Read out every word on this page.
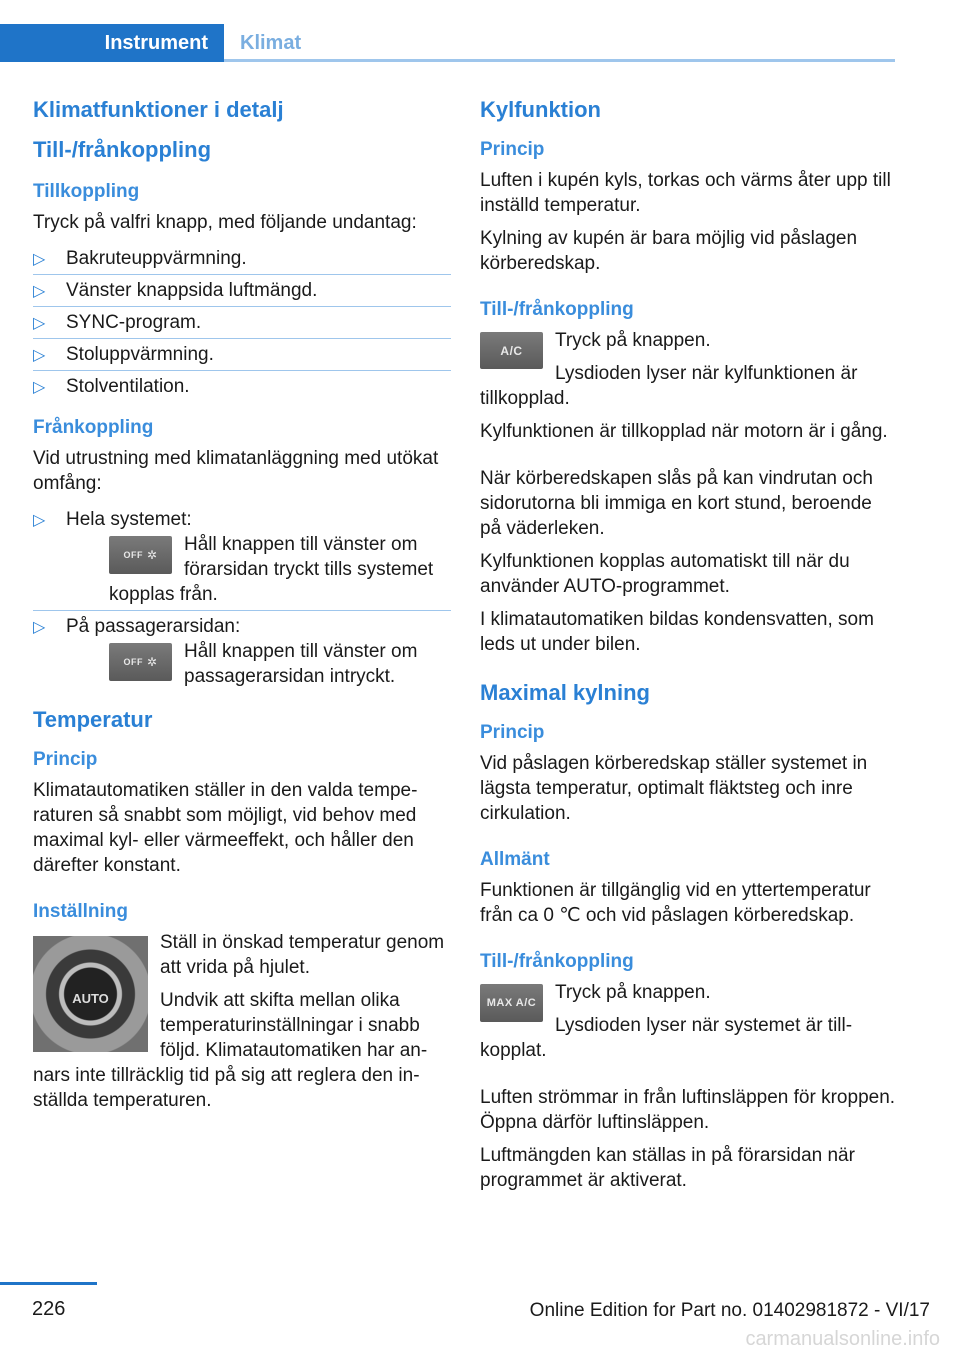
Instrument	Klimat
Klimatfunktioner i detalj
Till-/frånkoppling
Tillkoppling

Tryck på valfri knapp, med följande undantag:

▷ Bakruteuppvärmning.
▷ Vänster knappsida luftmängd.
▷ SYNC-program.
▷ Stoluppvärmning.
▷ Stolventilation.
Frånkoppling

Vid utrustning med klimatanläggning med utökat omfång:

▷ Hela systemet:
OFF ✲	Håll knappen till vänster om förarsidan tryckt tills systemet kopplas från.
▷ På passagerarsidan:
OFF ✲	Håll knappen till vänster om passagerarsidan intryckt.
Temperatur
Princip

Klimatautomatiken ställer in den valda temperaturen så snabbt som möjligt, vid behov med maximal kyl- eller värmeeffekt, och håller den därefter konstant.

Inställning
AUTO

Ställ in önskad temperatur genom att vrida på hjulet.

Undvik att skifta mellan olika temperaturinställningar i snabb följd. Klimatautomatiken har annars inte tillräcklig tid på sig att reglera den inställda temperaturen.

Kylfunktion
Princip

Luften i kupén kyls, torkas och värms åter upp till inställd temperatur.

Kylning av kupén är bara möjlig vid påslagen körberedskap.

Till-/frånkoppling
A/C	Tryck på knappen.

Lysdioden lyser när kylfunktionen är tillkopplad.

Kylfunktionen är tillkopplad när motorn är i gång.

När körberedskapen slås på kan vindrutan och sidorutorna bli immiga en kort stund, beroende på väderleken.

Kylfunktionen kopplas automatiskt till när du använder AUTO-programmet.

I klimatautomatiken bildas kondensvatten, som leds ut under bilen.

Maximal kylning
Princip

Vid påslagen körberedskap ställer systemet in lägsta temperatur, optimalt fläktsteg och inre cirkulation.

Allmänt

Funktionen är tillgänglig vid en yttertemperatur från ca 0 ℃ och vid påslagen körberedskap.

Till-/frånkoppling
MAX A/C Tryck på knappen.

Lysdioden lyser när systemet är tillkopplat.

Luften strömmar in från luftinsläppen för kroppen. Öppna därför luftinsläppen.

Luftmängden kan ställas in på förarsidan när programmet är aktiverat.

226	Online Edition for Part no. 01402981872 - VI/17
carmanualsonline.info
